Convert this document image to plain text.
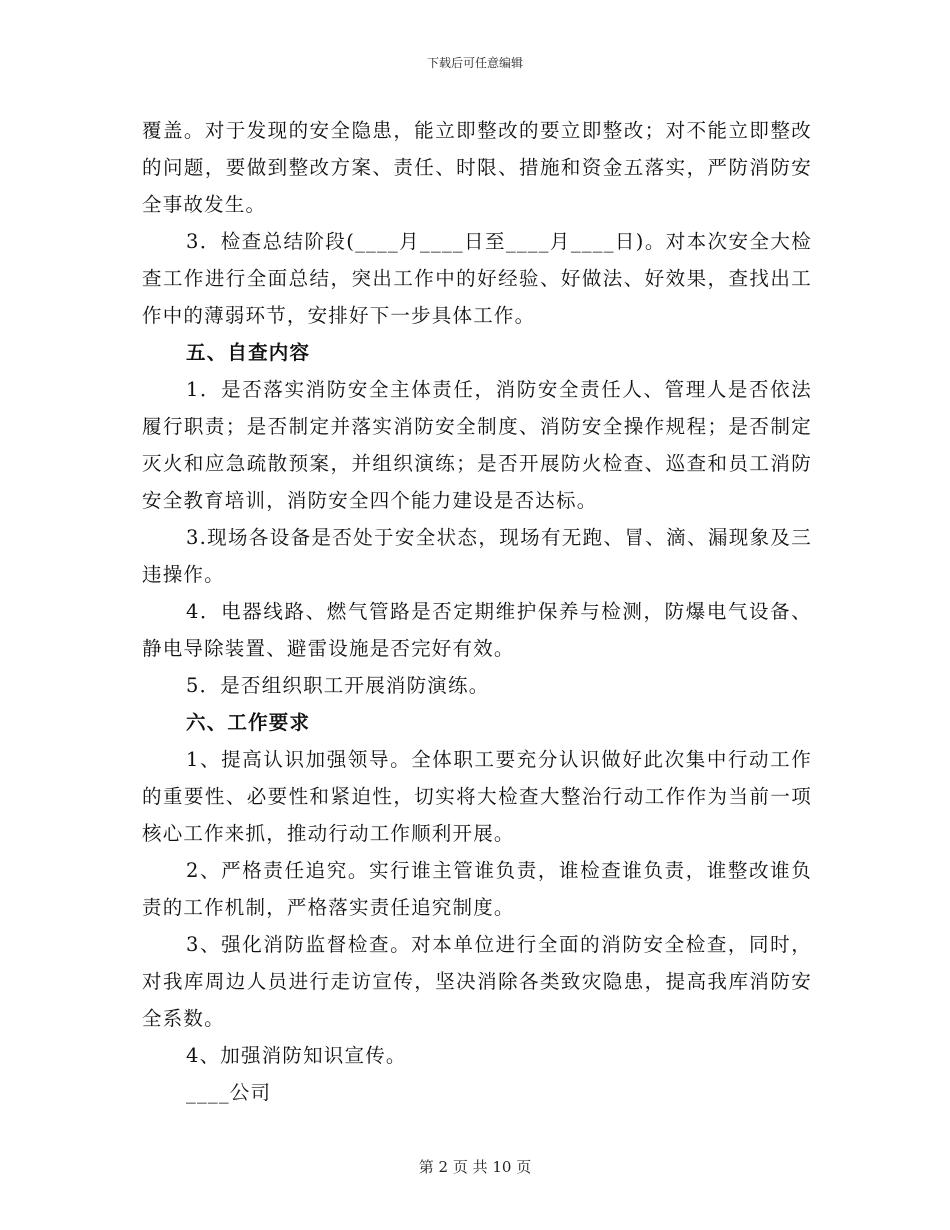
下载后可任意编辑

覆盖。对于发现的安全隐患，能立即整改的要立即整改；对不能立即整改的问题，要做到整改方案、责任、时限、措施和资金五落实，严防消防安全事故发生。

3．检查总结阶段(____月____日至____月____日)。对本次安全大检查工作进行全面总结，突出工作中的好经验、好做法、好效果，查找出工作中的薄弱环节，安排好下一步具体工作。

五、自查内容

1．是否落实消防安全主体责任，消防安全责任人、管理人是否依法履行职责；是否制定并落实消防安全制度、消防安全操作规程；是否制定灭火和应急疏散预案，并组织演练；是否开展防火检查、巡查和员工消防安全教育培训，消防安全四个能力建设是否达标。

3.现场各设备是否处于安全状态，现场有无跑、冒、滴、漏现象及三违操作。

4．电器线路、燃气管路是否定期维护保养与检测，防爆电气设备、静电导除装置、避雷设施是否完好有效。

5．是否组织职工开展消防演练。

六、工作要求

1、提高认识加强领导。全体职工要充分认识做好此次集中行动工作的重要性、必要性和紧迫性，切实将大检查大整治行动工作作为当前一项核心工作来抓，推动行动工作顺利开展。

2、严格责任追究。实行谁主管谁负责，谁检查谁负责，谁整改谁负责的工作机制，严格落实责任追究制度。

3、强化消防监督检查。对本单位进行全面的消防安全检查，同时，对我库周边人员进行走访宣传，坚决消除各类致灾隐患，提高我库消防安全系数。

4、加强消防知识宣传。

____公司

第 2 页 共 10 页
